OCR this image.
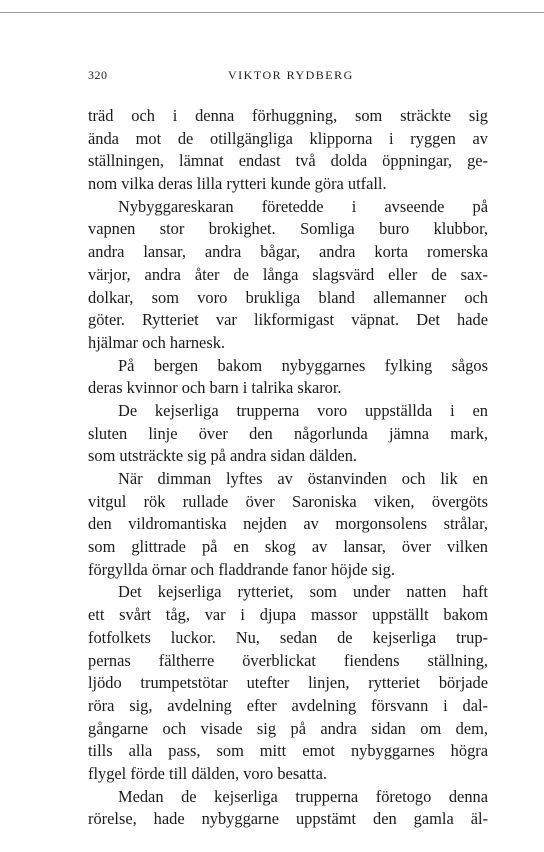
320	VIKTOR RYDBERG
träd och i denna förhuggning, som sträckte sig
ända mot de otillgängliga klipporna i ryggen av
ställningen, lämnat endast två dolda öppningar, ge-
nom vilka deras lilla rytteri kunde göra utfall.
Nybyggareskaran företedde i avseende på
vapnen stor brokighet. Somliga buro klubbor,
andra lansar, andra bågar, andra korta romerska
värjor, andra åter de långa slagsvärd eller de sax-
dolkar, som voro brukliga bland allemanner och
göter. Rytteriet var likformigast väpnat. Det hade
hjälmar och harnesk.
På bergen bakom nybyggarnes fylking sågos
deras kvinnor och barn i talrika skaror.
De kejserliga trupperna voro uppställda i en
sluten linje över den någorlunda jämna mark,
som utsträckte sig på andra sidan dälden.
När dimman lyftes av östanvinden och lik en
vitgul rök rullade över Saroniska viken, övergöts
den vildromantiska nejden av morgonsolens strålar,
som glittrade på en skog av lansar, över vilken
förgyllda örnar och fladdrande fanor höjde sig.
Det kejserliga rytteriet, som under natten haft
ett svårt tåg, var i djupa massor uppställt bakom
fotfolkets luckor. Nu, sedan de kejserliga trup-
pernas fältherre överblickat fiendens ställning,
ljödo trumpetstötar utefter linjen, rytteriet började
röra sig, avdelning efter avdelning försvann i dal-
gångarne och visade sig på andra sidan om dem,
tills alla pass, som mitt emot nybyggarnes högra
flygel förde till dälden, voro besatta.
Medan de kejserliga trupperna företogo denna
rörelse, hade nybyggarne uppstämt den gamla äl-
